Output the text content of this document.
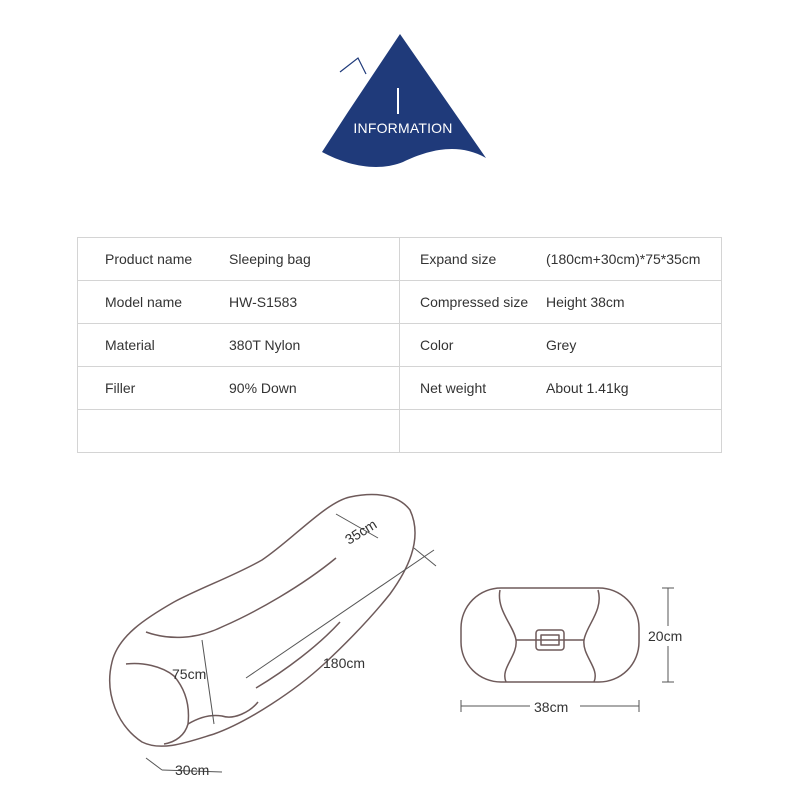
INFORMATION
Product name	Sleeping bag	Expand size	(180cm+30cm)*75*35cm
Model name	HW-S1583	Compressed size	Height 38cm
Material	380T Nylon	Color	Grey
Filler	90% Down	Net weight	About 1.41kg

35cm
75cm
180cm
30cm
20cm
38cm
